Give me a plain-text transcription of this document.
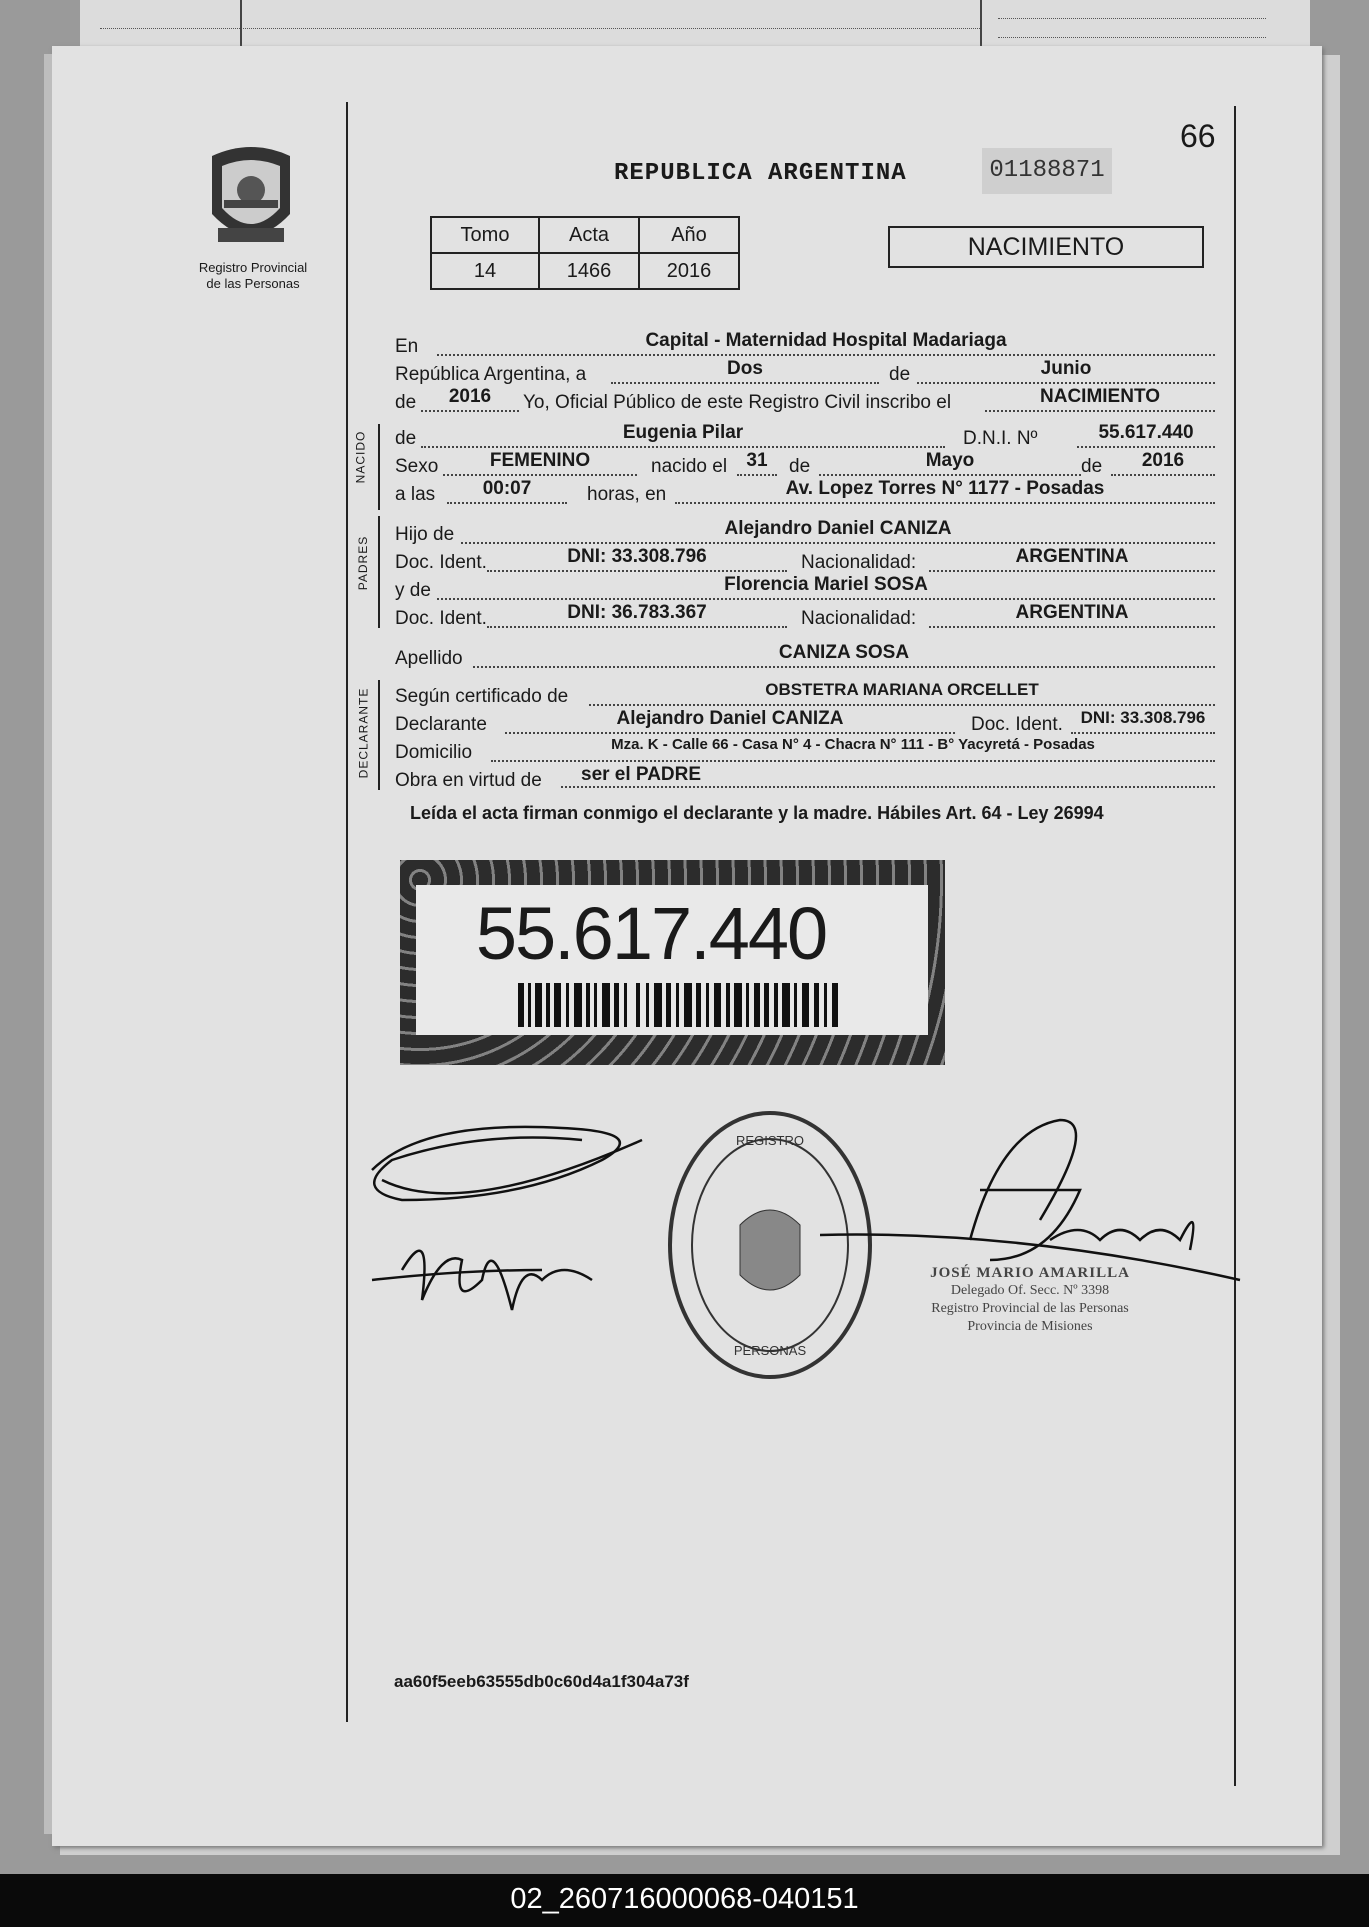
Registro Provincial
de las Personas
66
REPUBLICA ARGENTINA	01188871
Tomo	Acta	Año
14	1466	2016
NACIMIENTO
En	Capital - Maternidad Hospital Madariaga
República Argentina, a	Dos	de	Junio
de	2016	Yo, Oficial Público de este Registro Civil inscribo el	NACIMIENTO
NACIDO de	Eugenia Pilar	D.N.I. Nº	55.617.440
Sexo	FEMENINO	nacido el	31	de	Mayo	de	2016
a las	00:07	horas, en	Av. Lopez Torres N° 1177 - Posadas
PADRES
Hijo de	Alejandro Daniel CANIZA
Doc. Ident.	DNI: 33.308.796	Nacionalidad:	ARGENTINA
y de	Florencia Mariel SOSA
Doc. Ident.	DNI: 36.783.367	Nacionalidad:	ARGENTINA
Apellido	CANIZA SOSA
DECLARANTE Según certificado de	OBSTETRA MARIANA ORCELLET
Declarante	Alejandro Daniel CANIZA	Doc. Ident.	DNI: 33.308.796
Domicilio	Mza. K - Calle 66 - Casa N° 4 - Chacra N° 111 - B° Yacyretá - Posadas
Obra en virtud de	ser el PADRE
Leída el acta firman conmigo el declarante y la madre. Hábiles Art. 64 - Ley 26994
55.617.440
REGISTRO
PERSONAS
JOSÉ MARIO AMARILLA
Delegado Of. Secc. Nº 3398
Registro Provincial de las Personas
Provincia de Misiones
aa60f5eeb63555db0c60d4a1f304a73f
02_260716000068-040151
